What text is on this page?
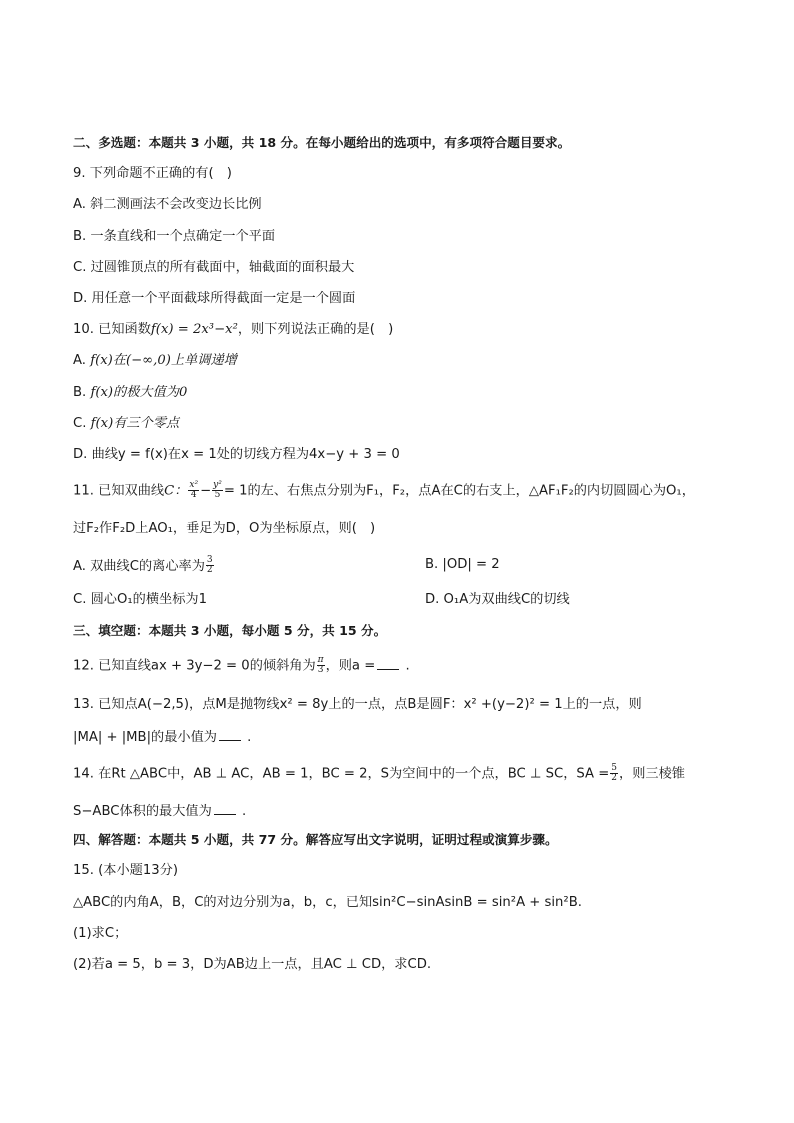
二、多选题：本题共 3 小题，共 18 分。在每小题给出的选项中，有多项符合题目要求。
9. 下列命题不正确的有(　)
A. 斜二测画法不会改变边长比例
B. 一条直线和一个点确定一个平面
C. 过圆锥顶点的所有截面中，轴截面的面积最大
D. 用任意一个平面截球所得截面一定是一个圆面
10. 已知函数f(x) = 2x³−x²，则下列说法正确的是(　)
A. f(x)在(−∞,0)上单调递增
B. f(x)的极大值为0
C. f(x)有三个零点
D. 曲线y = f(x)在x = 1处的切线方程为4x−y + 3 = 0
11. 已知双曲线C： $\frac{\text{x²}}{4} - \frac{\text{y²}}{5} = 1$的左、右焦点分别为F₁，F₂，点A在C的右支上，△AF₁F₂的内切圆圆心为O₁，
过F₂作F₂D上AO₁，垂足为D，O为坐标原点，则(　)
A. 双曲线C的离心率为 $\frac{3}{2}$	B. |OD| = 2
C. 圆心O₁的横坐标为1	D. O₁A为双曲线C的切线
三、填空题：本题共 3 小题，每小题 5 分，共 15 分。
12. 已知直线ax + 3y−2 = 0的倾斜角为 $\frac{\pi}{3}$ ，则a = .
13. 已知点A(−2,5)，点M是抛物线x² = 8y上的一点，点B是圆F：x² +(y−2)² = 1上的一点，则
|MA| + |MB|的最小值为 .
14. 在Rt △ABC中，AB ⊥ AC，AB = 1，BC = 2，S为空间中的一个点，BC ⊥ SC，SA = $\frac{5}{2}$ ，则三棱锥
S−ABC体积的最大值为 .
四、解答题：本题共 5 小题，共 77 分。解答应写出文字说明，证明过程或演算步骤。
15. (本小题13分)
△ABC的内角A，B，C的对边分别为a，b，c，已知sin²C−sinAsinB = sin²A + sin²B.
(1)求C；
(2)若a = 5，b = 3，D为AB边上一点，且AC ⊥ CD，求CD.
